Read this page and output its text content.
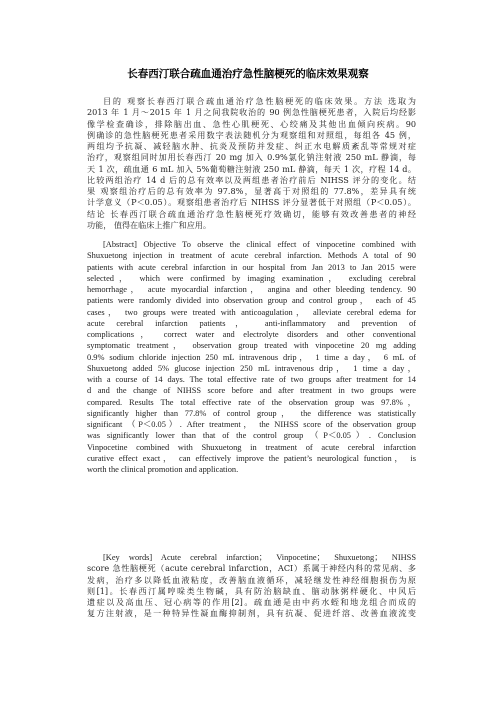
长春西汀联合疏血通治疗急性脑梗死的临床效果观察
目的 观察长春西汀联合疏血通治疗急性脑梗死的临床效果。方法 选取为
2013 年 1 月～2015 年 1 月之间我院收治的 90 例急性脑梗死患者，入院后均经影
像学检查确诊，排除脑出血、急性心肌梗死、心绞痛及其他出血倾向疾病。90
例确诊的急性脑梗死患者采用数字表法随机分为观察组和对照组，每组各 45 例，
两组均予抗凝、减轻脑水肿、抗炎及预防并发症、纠正水电解质紊乱等常规对症
治疗，观察组同时加用长春西汀 20 mg 加入 0.9%氯化钠注射液 250 mL 静滴，每
天 1 次，疏血通 6 mL 加入 5%葡萄糖注射液 250 mL 静滴，每天 1 次，疗程 14 d。
比较两组治疗 14 d 后的总有效率以及两组患者治疗前后 NIHSS 评分的变化。结
果 观察组治疗后的总有效率为 97.8%，显著高于对照组的 77.8%，差异具有统
计学意义（P＜0.05）。观察组患者治疗后 NIHSS 评分显著低于对照组（P＜0.05）。
结论 长春西汀联合疏血通治疗急性脑梗死疗效确切，能够有效改善患者的神经
功能， 值得在临床上推广和应用。
[Abstract] Objective To observe the clinical effect of vinpocetine combined with
Shuxuetong injection in treatment of acute cerebral infarction. Methods A total of 90
patients with acute cerebral infarction in our hospital from Jan 2013 to Jan 2015 were
selected， which were confirmed by imaging examination， excluding cerebral
hemorrhage， acute myocardial infarction， angina and other bleeding tendency. 90
patients were randomly divided into observation group and control group， each of 45
cases， two groups were treated with anticoagulation， alleviate cerebral edema for
acute cerebral infarction patients， anti-inflammatory and prevention of
complications， correct water and electrolyte disorders and other conventional
symptomatic treatment， observation group treated with vinpocetine 20 mg adding
0.9% sodium chloride injection 250 mL intravenous drip， 1 time a day， 6 mL of
Shuxuetong added 5% glucose injection 250 mL intravenous drip， 1 time a day，
with a course of 14 days. The total effective rate of two groups after treatment for 14
d and the change of NIHSS score before and after treatment in two groups were
compared. Results The total effective rate of the observation group was 97.8%，
significantly higher than 77.8% of control group， the difference was statistically
significant （P＜0.05）. After treatment， the NIHSS score of the observation group
was significantly lower than that of the control group （P＜0.05）. Conclusion
Vinpocetine combined with Shuxuetong in treatment of acute cerebral infarction
curative effect exact， can effectively improve the patient’s neurological function， is
worth the clinical promotion and application.
[Key words] Acute cerebral infarction； Vinpocetine； Shuxuetong； NIHSS
score 急性脑梗死（acute cerebral infarction，ACI）系属于神经内科的常见病、多
发病，治疗多以降低血液粘度，改善脑血液循环，减轻继发性神经细胞损伤为原
则[1]。长春西汀属哼哚类生物碱，具有防治脑缺血、脑动脉粥样硬化、中风后
遗症以及高血压、冠心病等的作用[2]。疏血通是由中药水蛭和地龙组合而成的
复方注射液，是一种特异性凝血酶抑制剂，具有抗凝、促进纤溶、改善血液流变
